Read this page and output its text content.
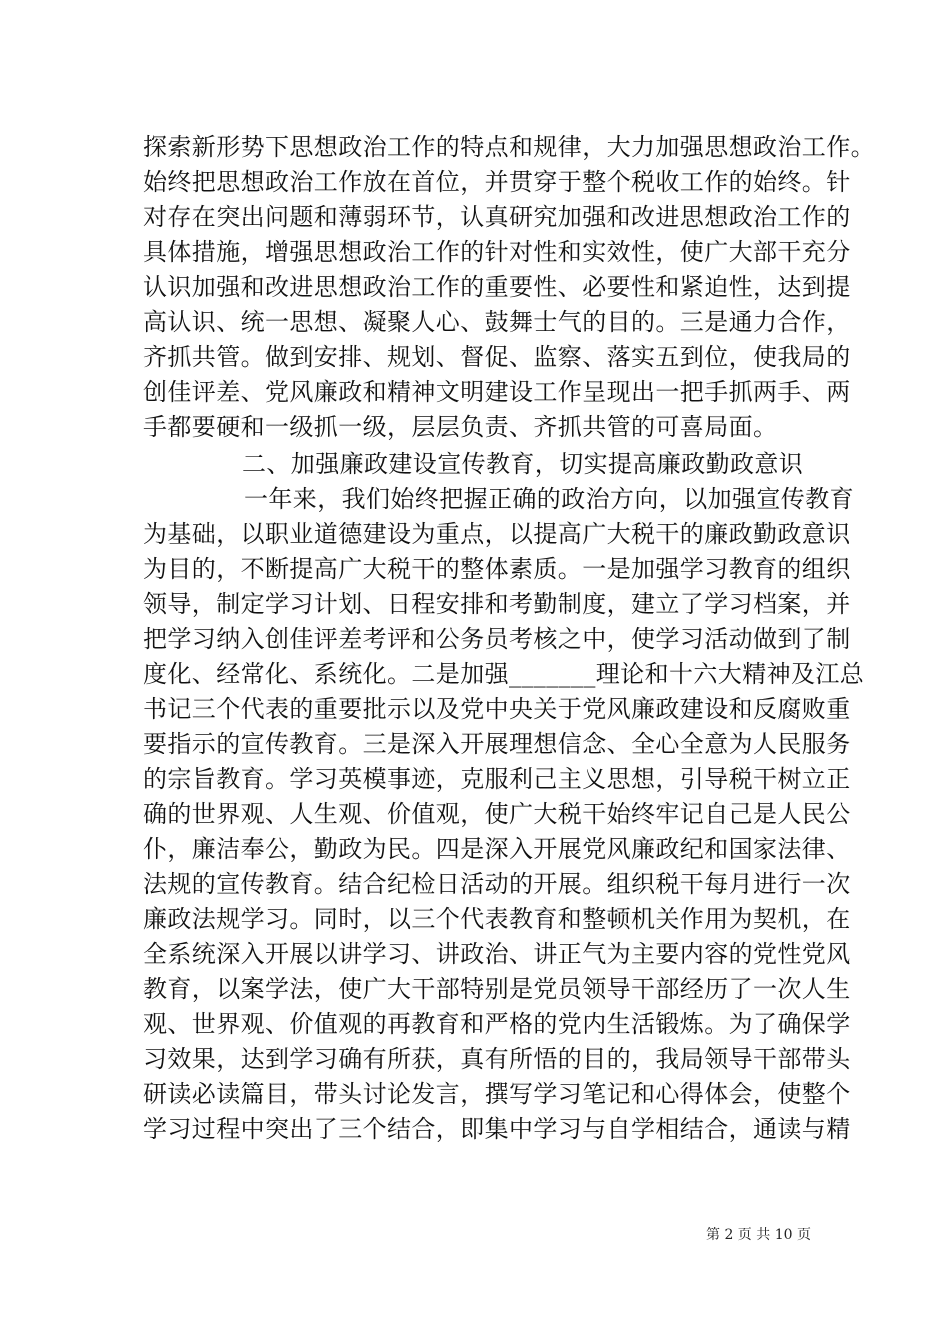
探索新形势下思想政治工作的特点和规律，大力加强思想政治工作。
始终把思想政治工作放在首位，并贯穿于整个税收工作的始终。针
对存在突出问题和薄弱环节，认真研究加强和改进思想政治工作的
具体措施，增强思想政治工作的针对性和实效性，使广大部干充分
认识加强和改进思想政治工作的重要性、必要性和紧迫性，达到提
高认识、统一思想、凝聚人心、鼓舞士气的目的。三是通力合作，
齐抓共管。做到安排、规划、督促、监察、落实五到位，使我局的
创佳评差、党风廉政和精神文明建设工作呈现出一把手抓两手、两
手都要硬和一级抓一级，层层负责、齐抓共管的可喜局面。
二、加强廉政建设宣传教育，切实提高廉政勤政意识
一年来，我们始终把握正确的政治方向，以加强宣传教育
为基础，以职业道德建设为重点，以提高广大税干的廉政勤政意识
为目的，不断提高广大税干的整体素质。一是加强学习教育的组织
领导，制定学习计划、日程安排和考勤制度，建立了学习档案，并
把学习纳入创佳评差考评和公务员考核之中，使学习活动做到了制
度化、经常化、系统化。二是加强_______理论和十六大精神及江总
书记三个代表的重要批示以及党中央关于党风廉政建设和反腐败重
要指示的宣传教育。三是深入开展理想信念、全心全意为人民服务
的宗旨教育。学习英模事迹，克服利己主义思想，引导税干树立正
确的世界观、人生观、价值观，使广大税干始终牢记自己是人民公
仆，廉洁奉公，勤政为民。四是深入开展党风廉政纪和国家法律、
法规的宣传教育。结合纪检日活动的开展。组织税干每月进行一次
廉政法规学习。同时，以三个代表教育和整顿机关作用为契机，在
全系统深入开展以讲学习、讲政治、讲正气为主要内容的党性党风
教育，以案学法，使广大干部特别是党员领导干部经历了一次人生
观、世界观、价值观的再教育和严格的党内生活锻炼。为了确保学
习效果，达到学习确有所获，真有所悟的目的，我局领导干部带头
研读必读篇目，带头讨论发言，撰写学习笔记和心得体会，使整个
学习过程中突出了三个结合，即集中学习与自学相结合，通读与精
第 2 页 共 10 页
